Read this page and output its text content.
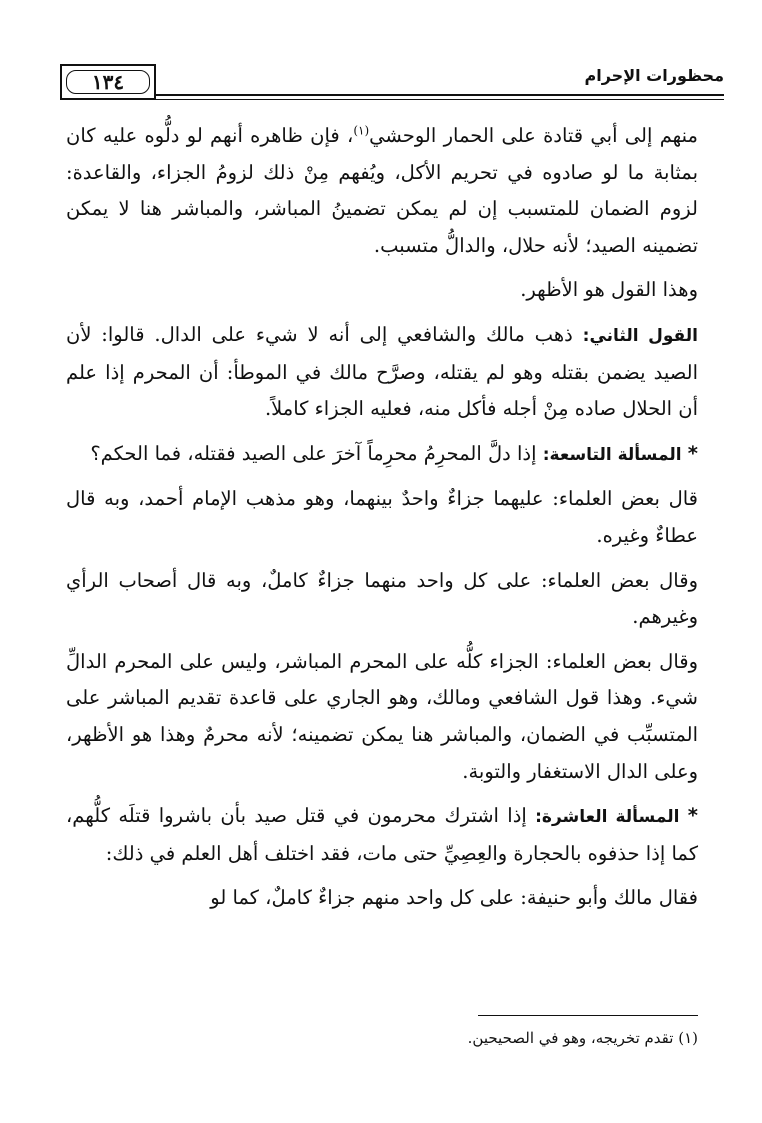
١٣٤	محظورات الإحرام

منهم إلى أبي قتادة على الحمار الوحشي$^{(١)}$، فإن ظاهره أنهم لو دلُّوه عليه كان بمثابة ما لو صادوه في تحريم الأكل، ويُفهم مِنْ ذلك لزومُ الجزاء، والقاعدة: لزوم الضمان للمتسبب إن لم يمكن تضمينُ المباشر، والمباشر هنا لا يمكن تضمينه الصيد؛ لأنه حلال، والدالُّ متسبب.

وهذا القول هو الأظهر.

القول الثاني: ذهب مالك والشافعي إلى أنه لا شيء على الدال. قالوا: لأن الصيد يضمن بقتله وهو لم يقتله، وصرَّح مالك في الموطأ: أن المحرم إذا علم أن الحلال صاده مِنْ أجله فأكل منه، فعليه الجزاء كاملاً.

* المسألة التاسعة: إذا دلَّ المحرِمُ محرِماً آخرَ على الصيد فقتله، فما الحكم؟

قال بعض العلماء: عليهما جزاءٌ واحدٌ بينهما، وهو مذهب الإمام أحمد، وبه قال عطاءٌ وغيره.

وقال بعض العلماء: على كل واحد منهما جزاءٌ كاملٌ، وبه قال أصحاب الرأي وغيرهم.

وقال بعض العلماء: الجزاء كلُّه على المحرم المباشر، وليس على المحرم الدالِّ شيء. وهذا قول الشافعي ومالك، وهو الجاري على قاعدة تقديم المباشر على المتسبِّب في الضمان، والمباشر هنا يمكن تضمينه؛ لأنه محرمٌ وهذا هو الأظهر، وعلى الدال الاستغفار والتوبة.

* المسألة العاشرة: إذا اشترك محرمون في قتل صيد بأن باشروا قتلَه كلُّهم، كما إذا حذفوه بالحجارة والعِصِيِّ حتى مات، فقد اختلف أهل العلم في ذلك:

فقال مالك وأبو حنيفة: على كل واحد منهم جزاءٌ كاملٌ، كما لو

(١) تقدم تخريجه، وهو في الصحيحين.
